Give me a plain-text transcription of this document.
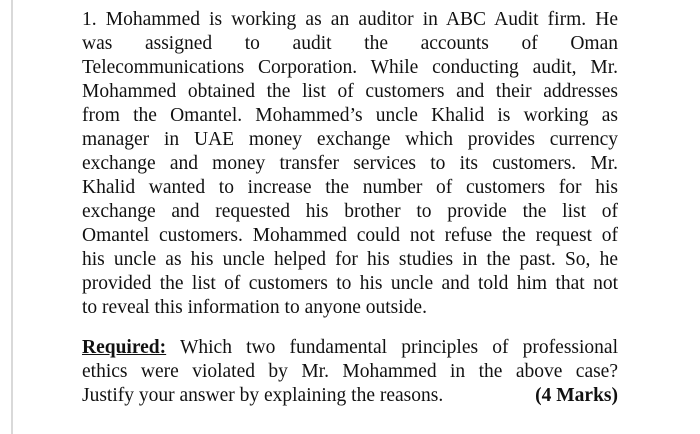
1. Mohammed is working as an auditor in ABC Audit firm. He
was assigned to audit the accounts of Oman
Telecommunications Corporation. While conducting audit, Mr.
Mohammed obtained the list of customers and their addresses
from the Omantel. Mohammed’s uncle Khalid is working as
manager in UAE money exchange which provides currency
exchange and money transfer services to its customers. Mr.
Khalid wanted to increase the number of customers for his
exchange and requested his brother to provide the list of
Omantel customers. Mohammed could not refuse the request of
his uncle as his uncle helped for his studies in the past. So, he
provided the list of customers to his uncle and told him that not
to reveal this information to anyone outside.
Required: Which two fundamental principles of professional
ethics were violated by Mr. Mohammed in the above case?
Justify your answer by explaining the reasons.	(4 Marks)
